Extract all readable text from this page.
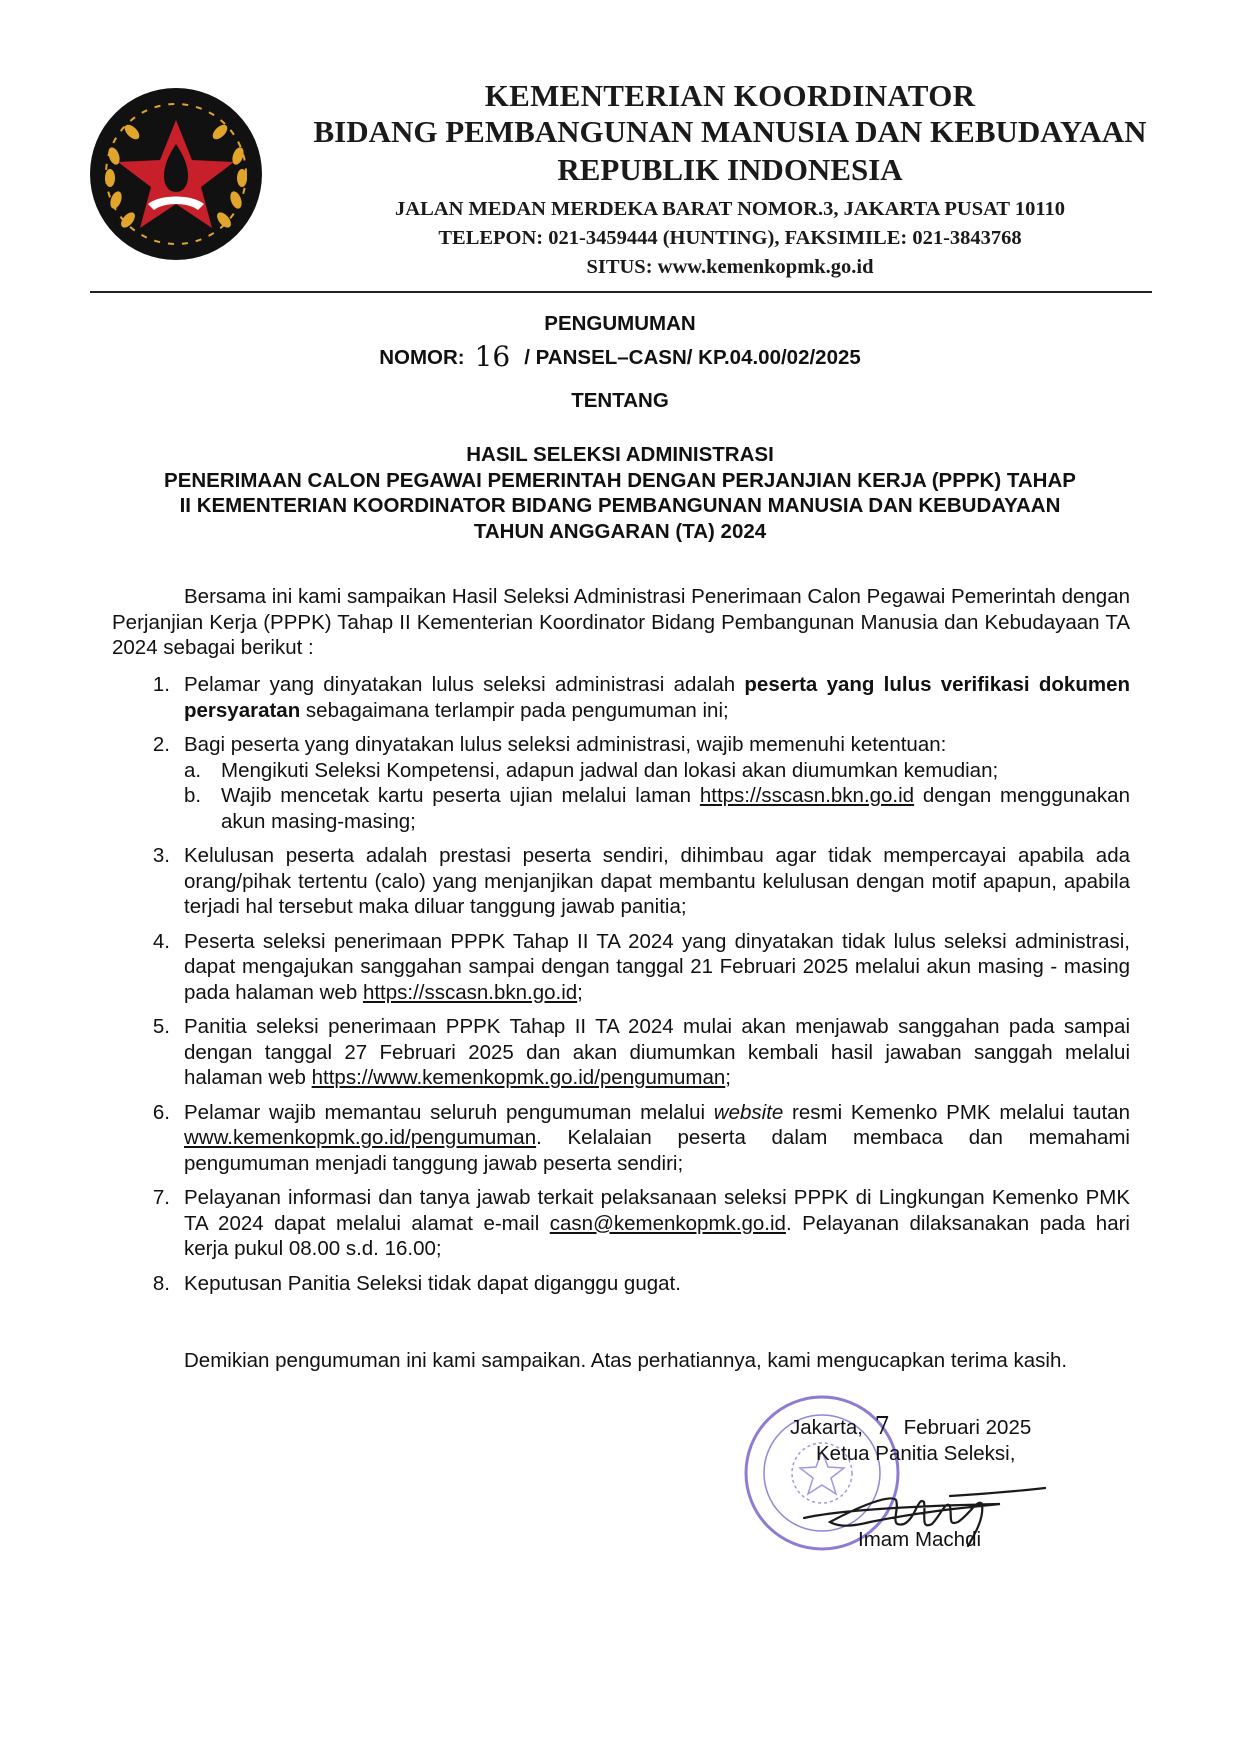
KEMENTERIAN KOORDINATOR
BIDANG PEMBANGUNAN MANUSIA DAN KEBUDAYAAN
REPUBLIK INDONESIA
JALAN MEDAN MERDEKA BARAT NOMOR.3, JAKARTA PUSAT 10110
TELEPON: 021-3459444 (HUNTING), FAKSIMILE: 021-3843768
SITUS: www.kemenkopmk.go.id
PENGUMUMAN
NOMOR: 16 / PANSEL–CASN/ KP.04.00/02/2025
TENTANG
HASIL SELEKSI ADMINISTRASI
PENERIMAAN CALON PEGAWAI PEMERINTAH DENGAN PERJANJIAN KERJA (PPPK) TAHAP
II KEMENTERIAN KOORDINATOR BIDANG PEMBANGUNAN MANUSIA DAN KEBUDAYAAN
TAHUN ANGGARAN (TA) 2024
Bersama ini kami sampaikan Hasil Seleksi Administrasi Penerimaan Calon Pegawai Pemerintah dengan Perjanjian Kerja (PPPK) Tahap II Kementerian Koordinator Bidang Pembangunan Manusia dan Kebudayaan TA 2024 sebagai berikut :
1. Pelamar yang dinyatakan lulus seleksi administrasi adalah peserta yang lulus verifikasi dokumen persyaratan sebagaimana terlampir pada pengumuman ini;
2. Bagi peserta yang dinyatakan lulus seleksi administrasi, wajib memenuhi ketentuan:
a. Mengikuti Seleksi Kompetensi, adapun jadwal dan lokasi akan diumumkan kemudian;
b. Wajib mencetak kartu peserta ujian melalui laman https://sscasn.bkn.go.id dengan menggunakan akun masing-masing;
3. Kelulusan peserta adalah prestasi peserta sendiri, dihimbau agar tidak mempercayai apabila ada orang/pihak tertentu (calo) yang menjanjikan dapat membantu kelulusan dengan motif apapun, apabila terjadi hal tersebut maka diluar tanggung jawab panitia;
4. Peserta seleksi penerimaan PPPK Tahap II TA 2024 yang dinyatakan tidak lulus seleksi administrasi, dapat mengajukan sanggahan sampai dengan tanggal 21 Februari 2025 melalui akun masing - masing pada halaman web https://sscasn.bkn.go.id;
5. Panitia seleksi penerimaan PPPK Tahap II TA 2024 mulai akan menjawab sanggahan pada sampai dengan tanggal 27 Februari 2025 dan akan diumumkan kembali hasil jawaban sanggah melalui halaman web https://www.kemenkopmk.go.id/pengumuman;
6. Pelamar wajib memantau seluruh pengumuman melalui website resmi Kemenko PMK melalui tautan www.kemenkopmk.go.id/pengumuman. Kelalaian peserta dalam membaca dan memahami pengumuman menjadi tanggung jawab peserta sendiri;
7. Pelayanan informasi dan tanya jawab terkait pelaksanaan seleksi PPPK di Lingkungan Kemenko PMK TA 2024 dapat melalui alamat e-mail casn@kemenkopmk.go.id. Pelayanan dilaksanakan pada hari kerja pukul 08.00 s.d. 16.00;
8. Keputusan Panitia Seleksi tidak dapat diganggu gugat.
Demikian pengumuman ini kami sampaikan. Atas perhatiannya, kami mengucapkan terima kasih.
Jakarta, 7 Februari 2025
Ketua Panitia Seleksi,
Imam Machdi
